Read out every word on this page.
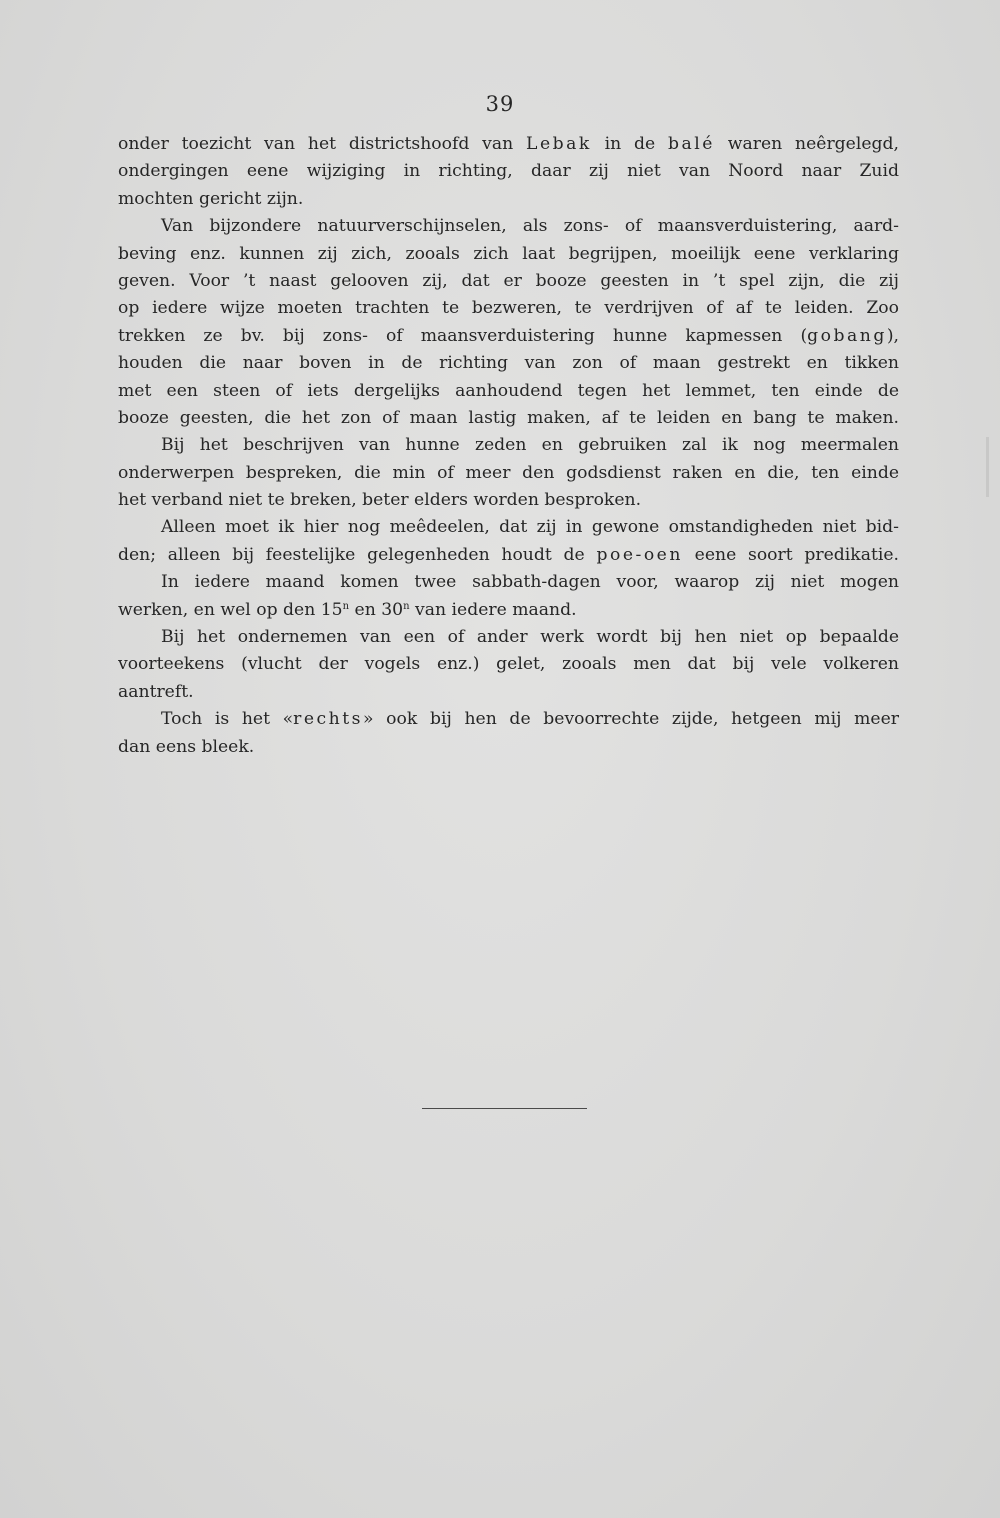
39
onder toezicht van het districtshoofd van Lebak in de balé waren neêrgelegd,
ondergingen eene wijziging in richting, daar zij niet van Noord naar Zuid
mochten gericht zijn.
Van bijzondere natuurverschijnselen, als zons- of maansverduistering, aard-
beving enz. kunnen zij zich, zooals zich laat begrijpen, moeilijk eene verklaring
geven. Voor ’t naast gelooven zij, dat er booze geesten in ’t spel zijn, die zij
op iedere wijze moeten trachten te bezweren, te verdrijven of af te leiden. Zoo
trekken ze bv. bij zons- of maansverduistering hunne kapmessen (gobang),
houden die naar boven in de richting van zon of maan gestrekt en tikken
met een steen of iets dergelijks aanhoudend tegen het lemmet, ten einde de
booze geesten, die het zon of maan lastig maken, af te leiden en bang te maken.
Bij het beschrijven van hunne zeden en gebruiken zal ik nog meermalen
onderwerpen bespreken, die min of meer den godsdienst raken en die, ten einde
het verband niet te breken, beter elders worden besproken.
Alleen moet ik hier nog meêdeelen, dat zij in gewone omstandigheden niet bid-
den; alleen bij feestelijke gelegenheden houdt de poe-oen eene soort predikatie.
In iedere maand komen twee sabbath-dagen voor, waarop zij niet mogen
werken, en wel op den 15$^n$ en 30$^n$ van iedere maand.
Bij het ondernemen van een of ander werk wordt bij hen niet op bepaalde
voorteekens (vlucht der vogels enz.) gelet, zooals men dat bij vele volkeren
aantreft.
Toch is het «rechts» ook bij hen de bevoorrechte zijde, hetgeen mij meer
dan eens bleek.
